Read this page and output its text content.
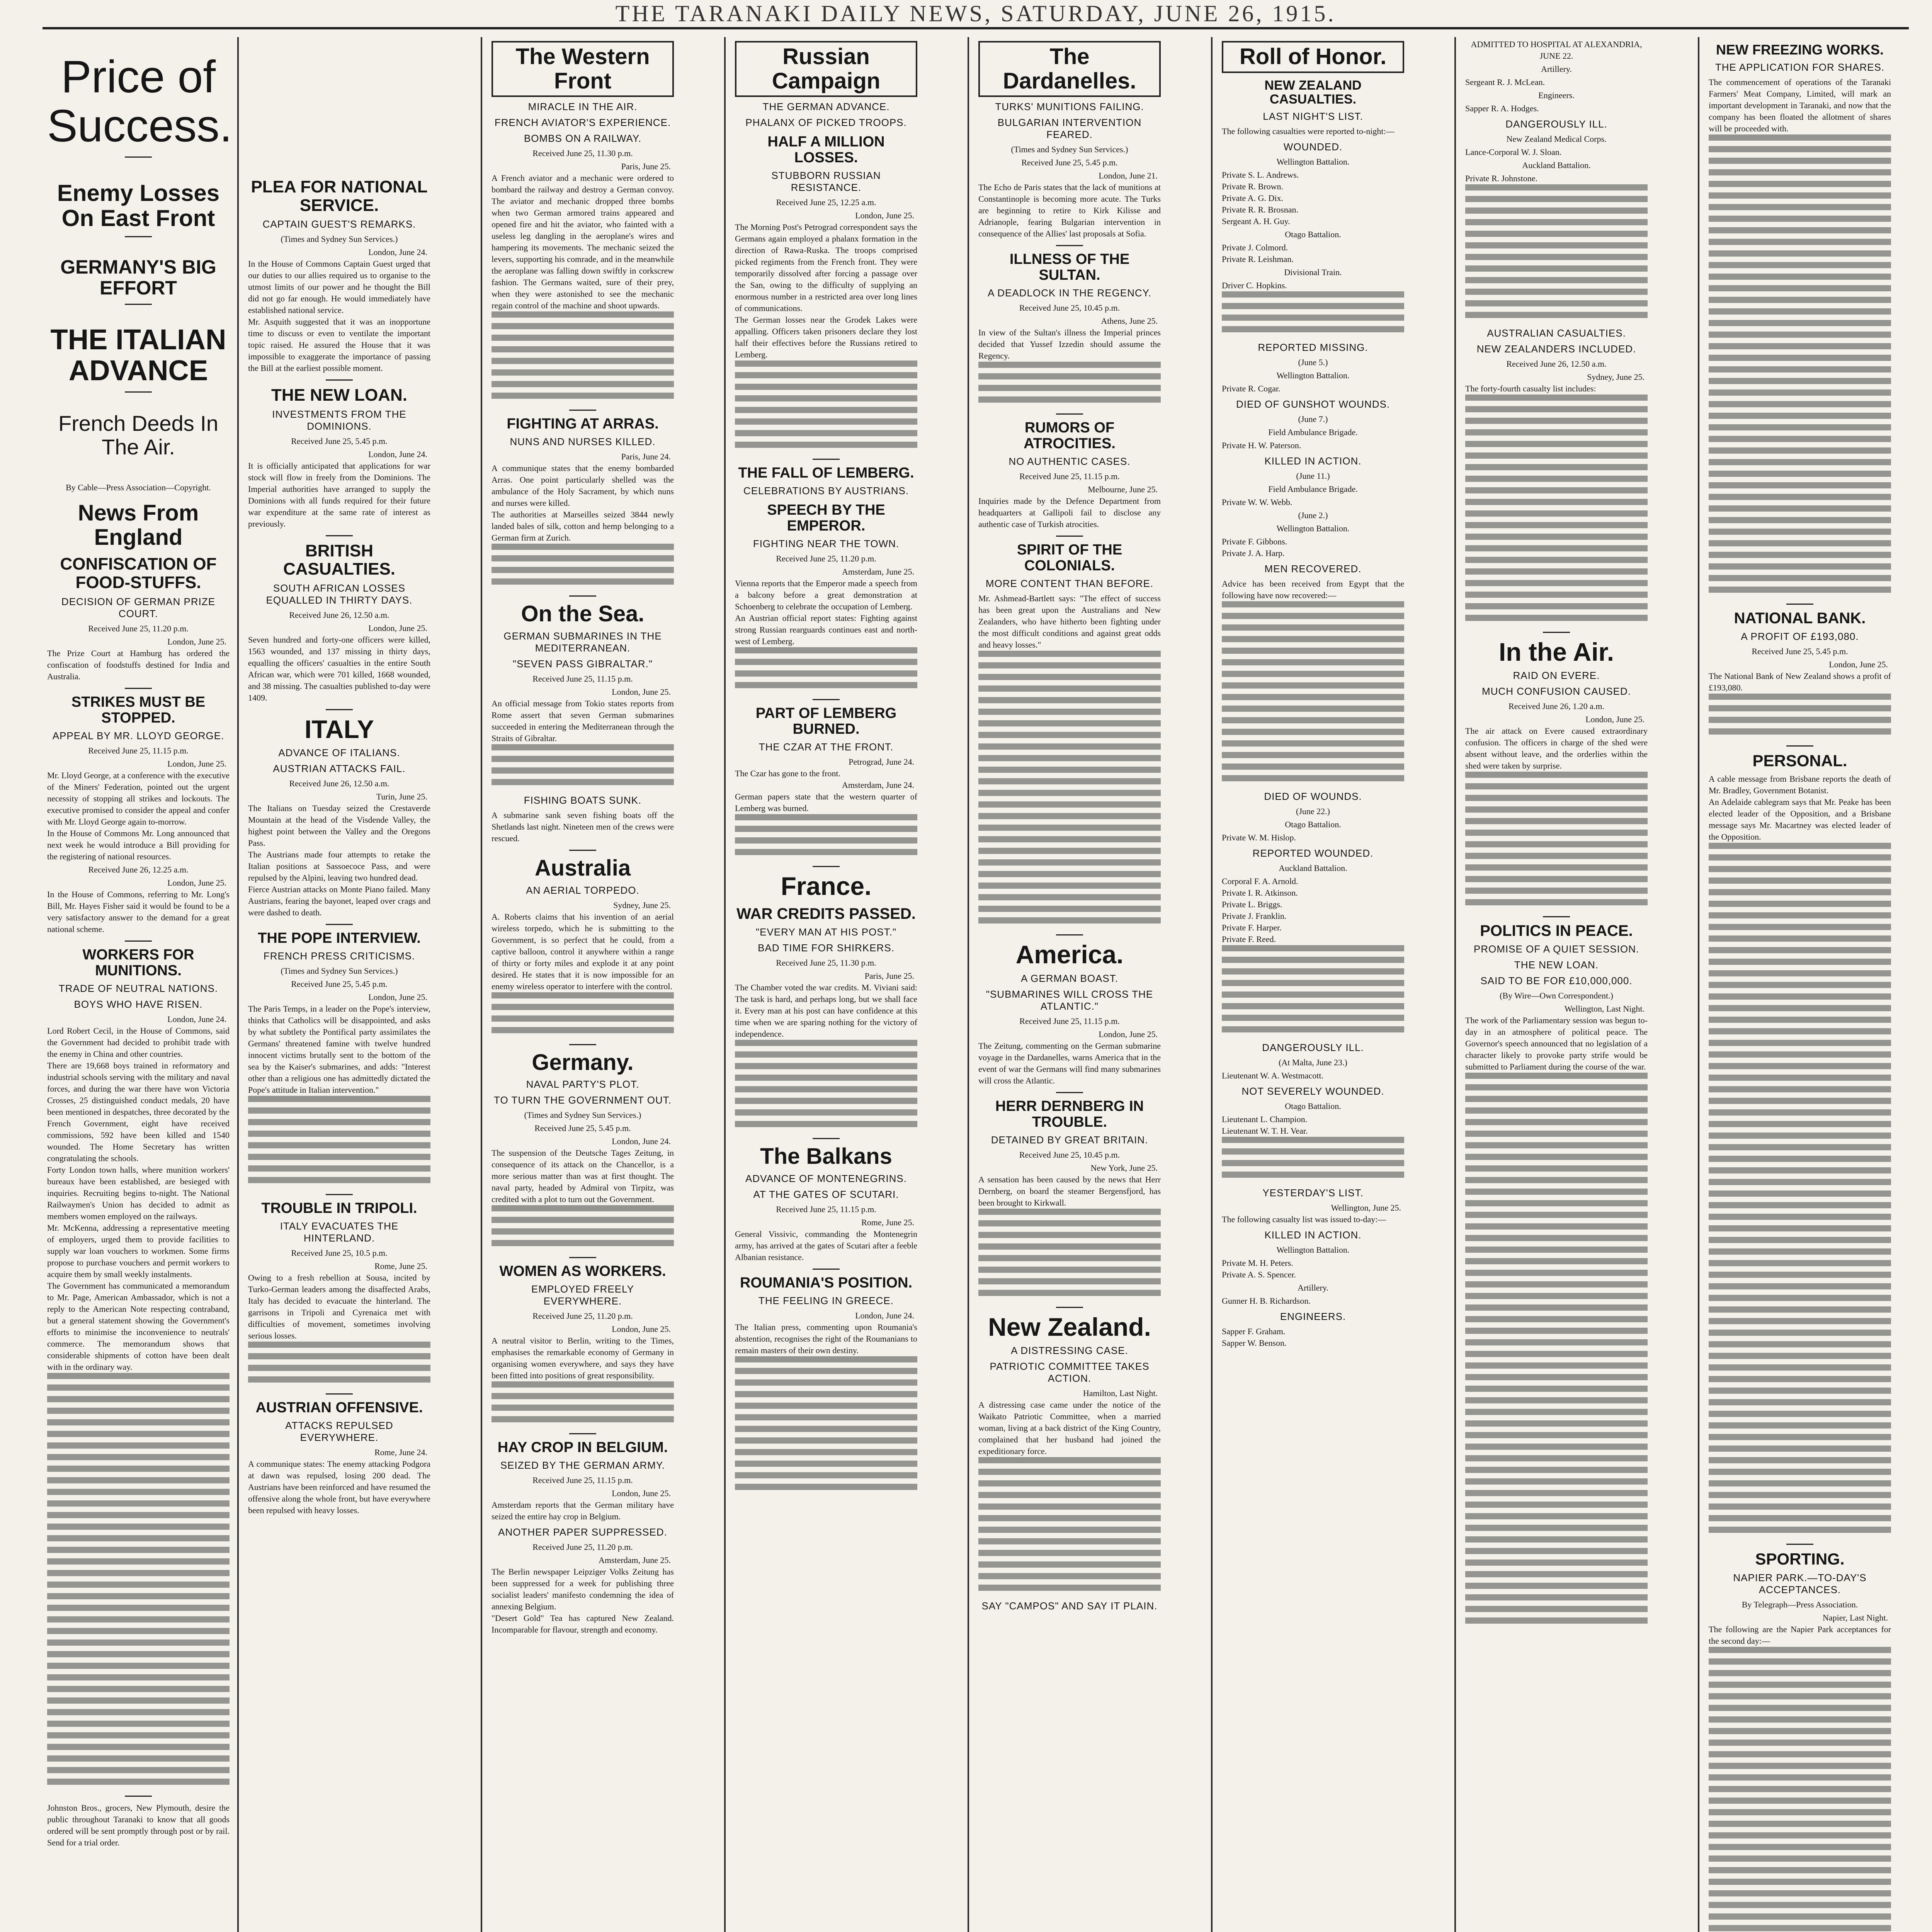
THE TARANAKI DAILY NEWS, SATURDAY, JUNE 26, 1915.
Price of Success.
Enemy Losses On East Front
GERMANY'S BIG EFFORT
THE ITALIAN ADVANCE
French Deeds In The Air.
By Cable—Press Association—Copyright.
News From England
CONFISCATION OF FOOD-STUFFS.
DECISION OF GERMAN PRIZE COURT.

Received June 25, 11.20 p.m.

London, June 25.

The Prize Court at Hamburg has ordered the confiscation of foodstuffs destined for India and Australia.

STRIKES MUST BE STOPPED.
APPEAL BY MR. LLOYD GEORGE.

Received June 25, 11.15 p.m.

London, June 25.

Mr. Lloyd George, at a conference with the executive of the Miners' Federation, pointed out the urgent necessity of stopping all strikes and lockouts. The executive promised to consider the appeal and confer with Mr. Lloyd George again to-morrow.

In the House of Commons Mr. Long announced that next week he would introduce a Bill providing for the registering of national resources.

Received June 26, 12.25 a.m.

London, June 25.

In the House of Commons, referring to Mr. Long's Bill, Mr. Hayes Fisher said it would be found to be a very satisfactory answer to the demand for a great national scheme.

WORKERS FOR MUNITIONS.
TRADE OF NEUTRAL NATIONS.
BOYS WHO HAVE RISEN.

London, June 24.

Lord Robert Cecil, in the House of Commons, said the Government had decided to prohibit trade with the enemy in China and other countries.

There are 19,668 boys trained in reformatory and industrial schools serving with the military and naval forces, and during the war there have won Victoria Crosses, 25 distinguished conduct medals, 20 have been mentioned in despatches, three decorated by the French Government, eight have received commissions, 592 have been killed and 1540 wounded. The Home Secretary has written congratulating the schools.

Forty London town halls, where munition workers' bureaux have been established, are besieged with inquiries. Recruiting begins to-night. The National Railwaymen's Union has decided to admit as members women employed on the railways.

Mr. McKenna, addressing a representative meeting of employers, urged them to provide facilities to supply war loan vouchers to workmen. Some firms propose to purchase vouchers and permit workers to acquire them by small weekly instalments.

The Government has communicated a memorandum to Mr. Page, American Ambassador, which is not a reply to the American Note respecting contraband, but a general statement showing the Government's efforts to minimise the inconvenience to neutrals' commerce. The memorandum shows that considerable shipments of cotton have been dealt with in the ordinary way.

Johnston Bros., grocers, New Plymouth, desire the public throughout Taranaki to know that all goods ordered will be sent promptly through post or by rail. Send for a trial order.

PLEA FOR NATIONAL SERVICE.
CAPTAIN GUEST'S REMARKS.

(Times and Sydney Sun Services.)

London, June 24.

In the House of Commons Captain Guest urged that our duties to our allies required us to organise to the utmost limits of our power and he thought the Bill did not go far enough. He would immediately have established national service.

Mr. Asquith suggested that it was an inopportune time to discuss or even to ventilate the important topic raised. He assured the House that it was impossible to exaggerate the importance of passing the Bill at the earliest possible moment.

THE NEW LOAN.
INVESTMENTS FROM THE DOMINIONS.

Received June 25, 5.45 p.m.

London, June 24.

It is officially anticipated that applications for war stock will flow in freely from the Dominions. The Imperial authorities have arranged to supply the Dominions with all funds required for their future war expenditure at the same rate of interest as previously.

BRITISH CASUALTIES.
SOUTH AFRICAN LOSSES EQUALLED IN THIRTY DAYS.

Received June 26, 12.50 a.m.

London, June 25.

Seven hundred and forty-one officers were killed, 1563 wounded, and 137 missing in thirty days, equalling the officers' casualties in the entire South African war, which were 701 killed, 1668 wounded, and 38 missing. The casualties published to-day were 1409.

ITALY
ADVANCE OF ITALIANS.
AUSTRIAN ATTACKS FAIL.

Received June 26, 12.50 a.m.

Turin, June 25.

The Italians on Tuesday seized the Crestaverde Mountain at the head of the Visdende Valley, the highest point between the Valley and the Oregons Pass.

The Austrians made four attempts to retake the Italian positions at Sassoecoce Pass, and were repulsed by the Alpini, leaving two hundred dead.

Fierce Austrian attacks on Monte Piano failed. Many Austrians, fearing the bayonet, leaped over crags and were dashed to death.

THE POPE INTERVIEW.
FRENCH PRESS CRITICISMS.

(Times and Sydney Sun Services.)

Received June 25, 5.45 p.m.

London, June 25.

The Paris Temps, in a leader on the Pope's interview, thinks that Catholics will be disappointed, and asks by what subtlety the Pontifical party assimilates the Germans' threatened famine with twelve hundred innocent victims brutally sent to the bottom of the sea by the Kaiser's submarines, and adds: "Interest other than a religious one has admittedly dictated the Pope's attitude in Italian intervention."

TROUBLE IN TRIPOLI.
ITALY EVACUATES THE HINTERLAND.

Received June 25, 10.5 p.m.

Rome, June 25.

Owing to a fresh rebellion at Sousa, incited by Turko-German leaders among the disaffected Arabs, Italy has decided to evacuate the hinterland. The garrisons in Tripoli and Cyrenaica met with difficulties of movement, sometimes involving serious losses.

AUSTRIAN OFFENSIVE.
ATTACKS REPULSED EVERYWHERE.

Rome, June 24.

A communique states: The enemy attacking Podgora at dawn was repulsed, losing 200 dead. The Austrians have been reinforced and have resumed the offensive along the whole front, but have everywhere been repulsed with heavy losses.

The Western Front
MIRACLE IN THE AIR.
FRENCH AVIATOR'S EXPERIENCE.
BOMBS ON A RAILWAY.

Received June 25, 11.30 p.m.

Paris, June 25.

A French aviator and a mechanic were ordered to bombard the railway and destroy a German convoy. The aviator and mechanic dropped three bombs when two German armored trains appeared and opened fire and hit the aviator, who fainted with a useless leg dangling in the aeroplane's wires and hampering its movements. The mechanic seized the levers, supporting his comrade, and in the meanwhile the aeroplane was falling down swiftly in corkscrew fashion. The Germans waited, sure of their prey, when they were astonished to see the mechanic regain control of the machine and shoot upwards.

FIGHTING AT ARRAS.
NUNS AND NURSES KILLED.

Paris, June 24.

A communique states that the enemy bombarded Arras. One point particularly shelled was the ambulance of the Holy Sacrament, by which nuns and nurses were killed.

The authorities at Marseilles seized 3844 newly landed bales of silk, cotton and hemp belonging to a German firm at Zurich.

On the Sea.
GERMAN SUBMARINES IN THE MEDITERRANEAN.
"SEVEN PASS GIBRALTAR."

Received June 25, 11.15 p.m.

London, June 25.

An official message from Tokio states reports from Rome assert that seven German submarines succeeded in entering the Mediterranean through the Straits of Gibraltar.

FISHING BOATS SUNK.

A submarine sank seven fishing boats off the Shetlands last night. Nineteen men of the crews were rescued.

Australia
AN AERIAL TORPEDO.

Sydney, June 25.

A. Roberts claims that his invention of an aerial wireless torpedo, which he is submitting to the Government, is so perfect that he could, from a captive balloon, control it anywhere within a range of thirty or forty miles and explode it at any point desired. He states that it is now impossible for an enemy wireless operator to interfere with the control.

Germany.
NAVAL PARTY'S PLOT.
TO TURN THE GOVERNMENT OUT.

(Times and Sydney Sun Services.)

Received June 25, 5.45 p.m.

London, June 24.

The suspension of the Deutsche Tages Zeitung, in consequence of its attack on the Chancellor, is a more serious matter than was at first thought. The naval party, headed by Admiral von Tirpitz, was credited with a plot to turn out the Government.

WOMEN AS WORKERS.
EMPLOYED FREELY EVERYWHERE.

Received June 25, 11.20 p.m.

London, June 25.

A neutral visitor to Berlin, writing to the Times, emphasises the remarkable economy of Germany in organising women everywhere, and says they have been fitted into positions of great responsibility.

HAY CROP IN BELGIUM.
SEIZED BY THE GERMAN ARMY.

Received June 25, 11.15 p.m.

London, June 25.

Amsterdam reports that the German military have seized the entire hay crop in Belgium.

ANOTHER PAPER SUPPRESSED.

Received June 25, 11.20 p.m.

Amsterdam, June 25.

The Berlin newspaper Leipziger Volks Zeitung has been suppressed for a week for publishing three socialist leaders' manifesto condemning the idea of annexing Belgium.

"Desert Gold" Tea has captured New Zealand. Incomparable for flavour, strength and economy.

Russian Campaign
THE GERMAN ADVANCE.
PHALANX OF PICKED TROOPS.
HALF A MILLION LOSSES.
STUBBORN RUSSIAN RESISTANCE.

Received June 25, 12.25 a.m.

London, June 25.

The Morning Post's Petrograd correspondent says the Germans again employed a phalanx formation in the direction of Rawa-Ruska. The troops comprised picked regiments from the French front. They were temporarily dissolved after forcing a passage over the San, owing to the difficulty of supplying an enormous number in a restricted area over long lines of communications.

The German losses near the Grodek Lakes were appalling. Officers taken prisoners declare they lost half their effectives before the Russians retired to Lemberg.

THE FALL OF LEMBERG.
CELEBRATIONS BY AUSTRIANS.
SPEECH BY THE EMPEROR.
FIGHTING NEAR THE TOWN.

Received June 25, 11.20 p.m.

Amsterdam, June 25.

Vienna reports that the Emperor made a speech from a balcony before a great demonstration at Schoenberg to celebrate the occupation of Lemberg.

An Austrian official report states: Fighting against strong Russian rearguards continues east and north-west of Lemberg.

PART OF LEMBERG BURNED.
THE CZAR AT THE FRONT.

Petrograd, June 24.

The Czar has gone to the front.

Amsterdam, June 24.

German papers state that the western quarter of Lemberg was burned.

France.
WAR CREDITS PASSED.
"EVERY MAN AT HIS POST."
BAD TIME FOR SHIRKERS.

Received June 25, 11.30 p.m.

Paris, June 25.

The Chamber voted the war credits. M. Viviani said: The task is hard, and perhaps long, but we shall face it. Every man at his post can have confidence at this time when we are sparing nothing for the victory of independence.

The Balkans
ADVANCE OF MONTENEGRINS.
AT THE GATES OF SCUTARI.

Received June 25, 11.15 p.m.

Rome, June 25.

General Vissivic, commanding the Montenegrin army, has arrived at the gates of Scutari after a feeble Albanian resistance.

ROUMANIA'S POSITION.
THE FEELING IN GREECE.

London, June 24.

The Italian press, commenting upon Roumania's abstention, recognises the right of the Roumanians to remain masters of their own destiny.

The Dardanelles.
TURKS' MUNITIONS FAILING.
BULGARIAN INTERVENTION FEARED.

(Times and Sydney Sun Services.)

Received June 25, 5.45 p.m.

London, June 21.

The Echo de Paris states that the lack of munitions at Constantinople is becoming more acute. The Turks are beginning to retire to Kirk Kilisse and Adrianople, fearing Bulgarian intervention in consequence of the Allies' last proposals at Sofia.

ILLNESS OF THE SULTAN.
A DEADLOCK IN THE REGENCY.

Received June 25, 10.45 p.m.

Athens, June 25.

In view of the Sultan's illness the Imperial princes decided that Yussef Izzedin should assume the Regency.

RUMORS OF ATROCITIES.
NO AUTHENTIC CASES.

Received June 25, 11.15 p.m.

Melbourne, June 25.

Inquiries made by the Defence Department from headquarters at Gallipoli fail to disclose any authentic case of Turkish atrocities.

SPIRIT OF THE COLONIALS.
MORE CONTENT THAN BEFORE.

Mr. Ashmead-Bartlett says: "The effect of success has been great upon the Australians and New Zealanders, who have hitherto been fighting under the most difficult conditions and against great odds and heavy losses."

America.
A GERMAN BOAST.
"SUBMARINES WILL CROSS THE ATLANTIC."

Received June 25, 11.15 p.m.

London, June 25.

The Zeitung, commenting on the German submarine voyage in the Dardanelles, warns America that in the event of war the Germans will find many submarines will cross the Atlantic.

HERR DERNBERG IN TROUBLE.
DETAINED BY GREAT BRITAIN.

Received June 25, 10.45 p.m.

New York, June 25.

A sensation has been caused by the news that Herr Dernberg, on board the steamer Bergensfjord, has been brought to Kirkwall.

New Zealand.
A DISTRESSING CASE.
PATRIOTIC COMMITTEE TAKES ACTION.

Hamilton, Last Night.

A distressing case came under the notice of the Waikato Patriotic Committee, when a married woman, living at a back district of the King Country, complained that her husband had joined the expeditionary force.

SAY "CAMPOS" AND SAY IT PLAIN.
Roll of Honor.
NEW ZEALAND CASUALTIES.
LAST NIGHT'S LIST.

The following casualties were reported to-night:—

WOUNDED.

Wellington Battalion.

Private S. L. Andrews.

Private R. Brown.

Private A. G. Dix.

Private R. R. Brosnan.

Sergeant A. H. Guy.

Otago Battalion.

Private J. Colmord.

Private R. Leishman.

Divisional Train.

Driver C. Hopkins.

REPORTED MISSING.

(June 5.)

Wellington Battalion.

Private R. Cogar.

DIED OF GUNSHOT WOUNDS.

(June 7.)

Field Ambulance Brigade.

Private H. W. Paterson.

KILLED IN ACTION.

(June 11.)

Field Ambulance Brigade.

Private W. W. Webb.

(June 2.)

Wellington Battalion.

Private F. Gibbons.

Private J. A. Harp.

MEN RECOVERED.

Advice has been received from Egypt that the following have now recovered:—

DIED OF WOUNDS.

(June 22.)

Otago Battalion.

Private W. M. Hislop.

REPORTED WOUNDED.

Auckland Battalion.

Corporal F. A. Arnold.

Private I. R. Atkinson.

Private L. Briggs.

Private J. Franklin.

Private F. Harper.

Private F. Reed.

DANGEROUSLY ILL.

(At Malta, June 23.)

Lieutenant W. A. Westmacott.

NOT SEVERELY WOUNDED.

Otago Battalion.

Lieutenant L. Champion.

Lieutenant W. T. H. Vear.

YESTERDAY'S LIST.

Wellington, June 25.

The following casualty list was issued to-day:—

KILLED IN ACTION.

Wellington Battalion.

Private M. H. Peters.

Private A. S. Spencer.

Artillery.

Gunner H. B. Richardson.

ENGINEERS.

Sapper F. Graham.

Sapper W. Benson.

ADMITTED TO HOSPITAL AT ALEXANDRIA, JUNE 22.

Artillery.

Sergeant R. J. McLean.

Engineers.

Sapper R. A. Hodges.

DANGEROUSLY ILL.

New Zealand Medical Corps.

Lance-Corporal W. J. Sloan.

Auckland Battalion.

Private R. Johnstone.

AUSTRALIAN CASUALTIES.
NEW ZEALANDERS INCLUDED.

Received June 26, 12.50 a.m.

Sydney, June 25.

The forty-fourth casualty list includes:

In the Air.
RAID ON EVERE.
MUCH CONFUSION CAUSED.

Received June 26, 1.20 a.m.

London, June 25.

The air attack on Evere caused extraordinary confusion. The officers in charge of the shed were absent without leave, and the orderlies within the shed were taken by surprise.

POLITICS IN PEACE.
PROMISE OF A QUIET SESSION.
THE NEW LOAN.
SAID TO BE FOR £10,000,000.

(By Wire—Own Correspondent.)

Wellington, Last Night.

The work of the Parliamentary session was begun to-day in an atmosphere of political peace. The Governor's speech announced that no legislation of a character likely to provoke party strife would be submitted to Parliament during the course of the war.

NEW FREEZING WORKS.
THE APPLICATION FOR SHARES.

The commencement of operations of the Taranaki Farmers' Meat Company, Limited, will mark an important development in Taranaki, and now that the company has been floated the allotment of shares will be proceeded with.

NATIONAL BANK.
A PROFIT OF £193,080.

Received June 25, 5.45 p.m.

London, June 25.

The National Bank of New Zealand shows a profit of £193,080.

PERSONAL.

A cable message from Brisbane reports the death of Mr. Bradley, Government Botanist.

An Adelaide cablegram says that Mr. Peake has been elected leader of the Opposition, and a Brisbane message says Mr. Macartney was elected leader of the Opposition.

SPORTING.
NAPIER PARK.—TO-DAY'S ACCEPTANCES.

By Telegraph—Press Association.

Napier, Last Night.

The following are the Napier Park acceptances for the second day:—
